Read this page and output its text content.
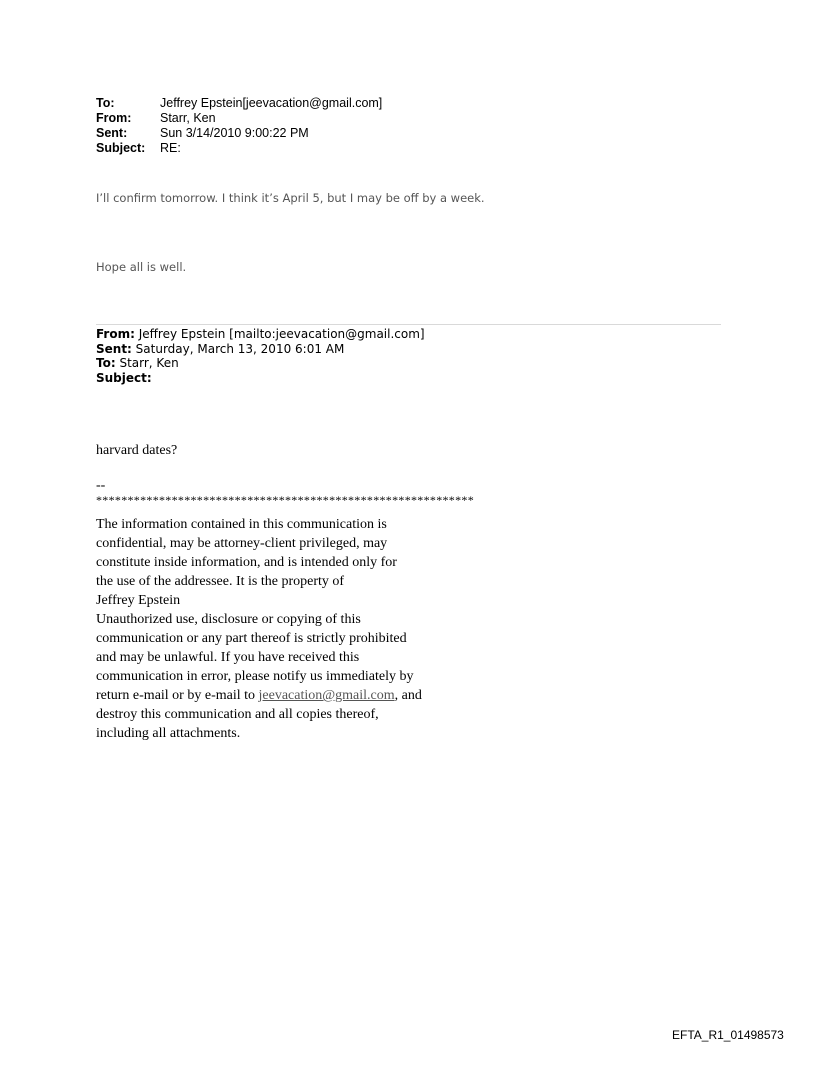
To:	Jeffrey Epstein[jeevacation@gmail.com]
From:	Starr, Ken
Sent:	Sun 3/14/2010 9:00:22 PM
Subject:	RE:
I’ll confirm tomorrow. I think it’s April 5, but I may be off by a week.
Hope all is well.
From: Jeffrey Epstein [mailto:jeevacation@gmail.com]
Sent: Saturday, March 13, 2010 6:01 AM
To: Starr, Ken
Subject:
harvard dates?
--
************************************************************
The information contained in this communication is
confidential, may be attorney-client privileged, may
constitute inside information, and is intended only for
the use of the addressee. It is the property of
Jeffrey Epstein
Unauthorized use, disclosure or copying of this
communication or any part thereof is strictly prohibited
and may be unlawful. If you have received this
communication in error, please notify us immediately by
return e-mail or by e-mail to jeevacation@gmail.com, and
destroy this communication and all copies thereof,
including all attachments.
EFTA_R1_01498573
